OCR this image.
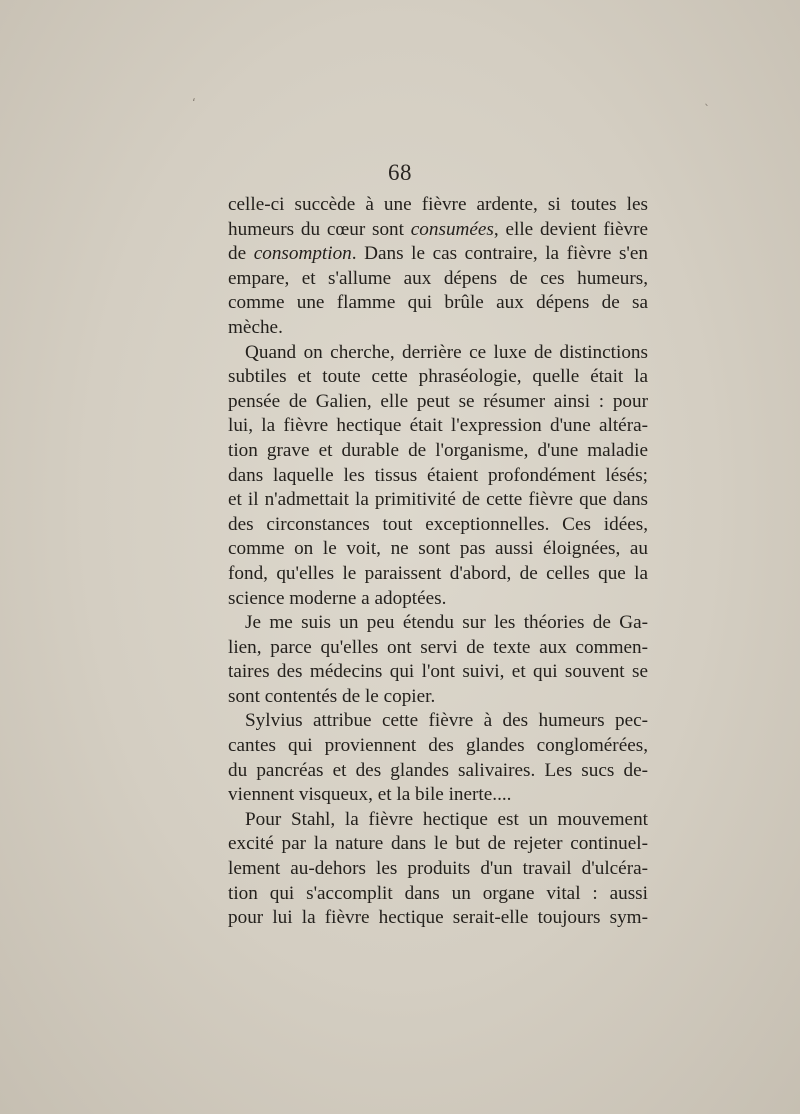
ʻ	ˎ
68
celle-ci succède à une fièvre ardente, si toutes les
humeurs du cœur sont consumées, elle devient fièvre
de consomption. Dans le cas contraire, la fièvre s'en
empare, et s'allume aux dépens de ces humeurs,
comme une flamme qui brûle aux dépens de sa
mèche.
Quand on cherche, derrière ce luxe de distinctions
subtiles et toute cette phraséologie, quelle était la
pensée de Galien, elle peut se résumer ainsi : pour
lui, la fièvre hectique était l'expression d'une altéra-
tion grave et durable de l'organisme, d'une maladie
dans laquelle les tissus étaient profondément lésés;
et il n'admettait la primitivité de cette fièvre que dans
des circonstances tout exceptionnelles. Ces idées,
comme on le voit, ne sont pas aussi éloignées, au
fond, qu'elles le paraissent d'abord, de celles que la
science moderne a adoptées.
Je me suis un peu étendu sur les théories de Ga-
lien, parce qu'elles ont servi de texte aux commen-
taires des médecins qui l'ont suivi, et qui souvent se
sont contentés de le copier.
Sylvius attribue cette fièvre à des humeurs pec-
cantes qui proviennent des glandes conglomérées,
du pancréas et des glandes salivaires. Les sucs de-
viennent visqueux, et la bile inerte....
Pour Stahl, la fièvre hectique est un mouvement
excité par la nature dans le but de rejeter continuel-
lement au-dehors les produits d'un travail d'ulcéra-
tion qui s'accomplit dans un organe vital : aussi
pour lui la fièvre hectique serait-elle toujours sym-
